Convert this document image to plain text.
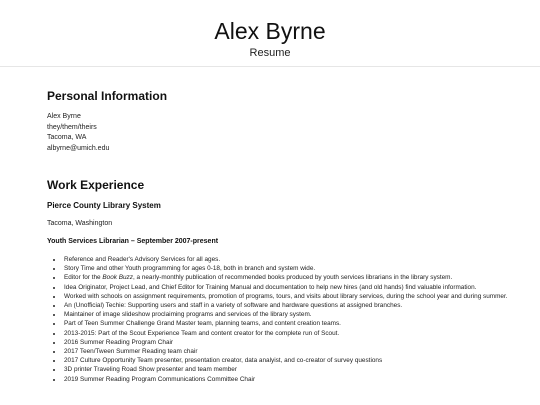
Alex Byrne
Resume
Personal Information
Alex Byrne
they/them/theirs
Tacoma, WA
albyrne@umich.edu
Work Experience
Pierce County Library System
Tacoma, Washington
Youth Services Librarian – September 2007-present
• Reference and Reader's Advisory Services for all ages.
• Story Time and other Youth programming for ages 0-18, both in branch and system wide.
• Editor for the Book Buzz, a nearly-monthly publication of recommended books produced by youth services librarians in the library system.
• Idea Originator, Project Lead, and Chief Editor for Training Manual and documentation to help new hires (and old hands) find valuable information.
• Worked with schools on assignment requirements, promotion of programs, tours, and visits about library services, during the school year and during summer.
• An (Unofficial) Techie: Supporting users and staff in a variety of software and hardware questions at assigned branches.
• Maintainer of image slideshow proclaiming programs and services of the library system.
• Part of Teen Summer Challenge Grand Master team, planning teams, and content creation teams.
• 2013-2015: Part of the Scout Experience Team and content creator for the complete run of Scout.
• 2016 Summer Reading Program Chair
• 2017 Teen/Tween Summer Reading team chair
• 2017 Culture Opportunity Team presenter, presentation creator, data analyist, and co-creator of survey questions
• 3D printer Traveling Road Show presenter and team member
• 2019 Summer Reading Program Communications Committee Chair
